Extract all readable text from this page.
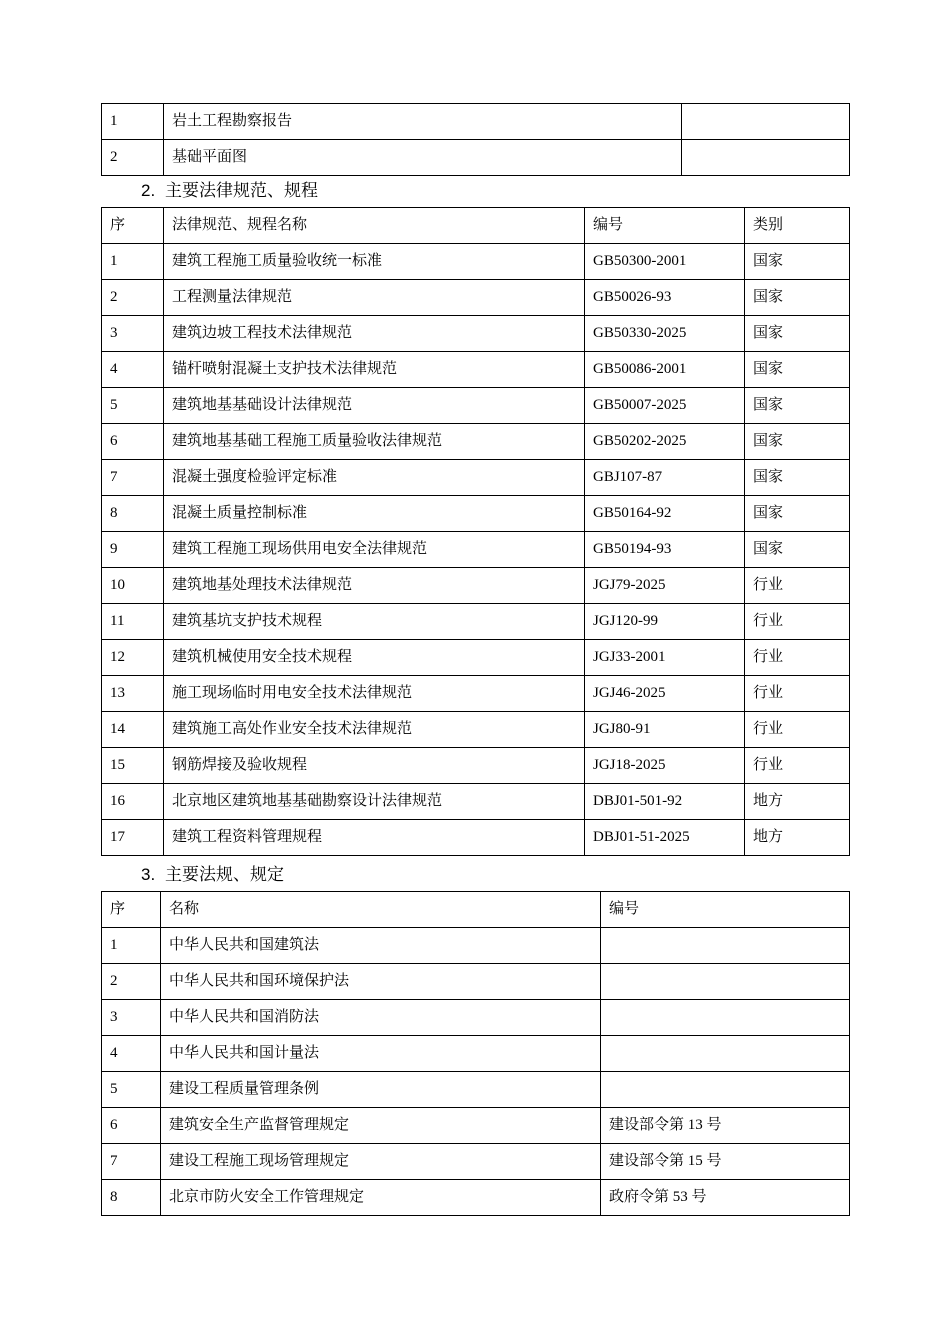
1	岩土工程勘察报告	
2	基础平面图	
2. 主要法律规范、规程
序	法律规范、规程名称	编号	类别
1	建筑工程施工质量验收统一标准	GB50300-2001	国家
2	工程测量法律规范	GB50026-93	国家
3	建筑边坡工程技术法律规范	GB50330-2025	国家
4	锚杆喷射混凝土支护技术法律规范	GB50086-2001	国家
5	建筑地基基础设计法律规范	GB50007-2025	国家
6	建筑地基基础工程施工质量验收法律规范	GB50202-2025	国家
7	混凝土强度检验评定标准	GBJ107-87	国家
8	混凝土质量控制标准	GB50164-92	国家
9	建筑工程施工现场供用电安全法律规范	GB50194-93	国家
10	建筑地基处理技术法律规范	JGJ79-2025	行业
11	建筑基坑支护技术规程	JGJ120-99	行业
12	建筑机械使用安全技术规程	JGJ33-2001	行业
13	施工现场临时用电安全技术法律规范	JGJ46-2025	行业
14	建筑施工高处作业安全技术法律规范	JGJ80-91	行业
15	钢筋焊接及验收规程	JGJ18-2025	行业
16	北京地区建筑地基基础勘察设计法律规范	DBJ01-501-92	地方
17	建筑工程资料管理规程	DBJ01-51-2025	地方
3. 主要法规、规定
序	名称	编号
1	中华人民共和国建筑法	
2	中华人民共和国环境保护法	
3	中华人民共和国消防法	
4	中华人民共和国计量法	
5	建设工程质量管理条例	
6	建筑安全生产监督管理规定	建设部令第 13 号
7	建设工程施工现场管理规定	建设部令第 15 号
8	北京市防火安全工作管理规定	政府令第 53 号
